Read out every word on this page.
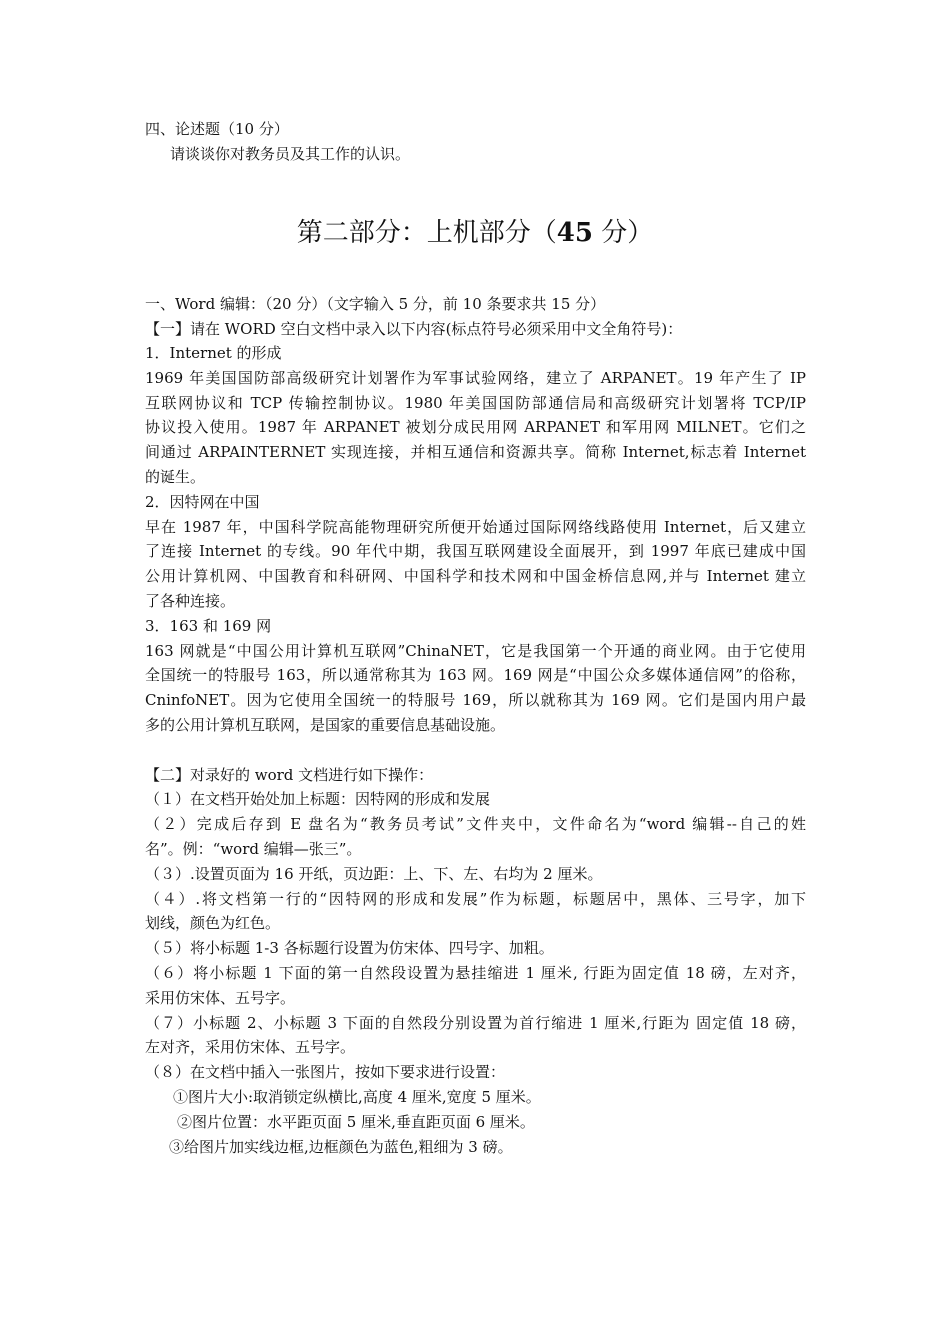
四、论述题（10 分）
请谈谈你对教务员及其工作的认识。
第二部分：上机部分（45 分）
一、Word 编辑：（20 分）（文字输入 5 分，前 10 条要求共 15 分）
【一】请在 WORD 空白文档中录入以下内容(标点符号必须采用中文全角符号)：
1．Internet 的形成
1969 年美国国防部高级研究计划署作为军事试验网络，建立了 ARPANET。19 年产生了 IP
互联网协议和 TCP 传输控制协议。1980 年美国国防部通信局和高级研究计划署将 TCP/IP
协议投入使用。1987 年 ARPANET 被划分成民用网 ARPANET 和军用网 MILNET。它们之
间通过 ARPAINTERNET 实现连接，并相互通信和资源共享。简称 Internet,标志着 Internet
的诞生。
2．因特网在中国
早在 1987 年，中国科学院高能物理研究所便开始通过国际网络线路使用 Internet，后又建立
了连接 Internet 的专线。90 年代中期，我国互联网建设全面展开，到 1997 年底已建成中国
公用计算机网、中国教育和科研网、中国科学和技术网和中国金桥信息网,并与 Internet 建立
了各种连接。
3．163 和 169 网
163 网就是“中国公用计算机互联网”ChinaNET，它是我国第一个开通的商业网。由于它使用
全国统一的特服号 163，所以通常称其为 163 网。169 网是“中国公众多媒体通信网”的俗称，
CninfoNET。因为它使用全国统一的特服号 169，所以就称其为 169 网。它们是国内用户最
多的公用计算机互联网，是国家的重要信息基础设施。
【二】对录好的 word 文档进行如下操作：
（１）在文档开始处加上标题：因特网的形成和发展
（２）完成后存到 E 盘名为“教务员考试”文件夹中，文件命名为“word 编辑--自己的姓
名”。例：“word 编辑—张三”。
（３）.设置页面为 16 开纸，页边距：上、下、左、右均为 2 厘米。
（４）.将文档第一行的“因特网的形成和发展”作为标题，标题居中，黑体、三号字，加下
划线，颜色为红色。
（５）将小标题 1-3 各标题行设置为仿宋体、四号字、加粗。
（６）将小标题 1 下面的第一自然段设置为悬挂缩进 1 厘米, 行距为固定值 18 磅，左对齐，
采用仿宋体、五号字。
（７）小标题 2、小标题 3 下面的自然段分别设置为首行缩进 1 厘米,行距为 固定值 18 磅，
左对齐，采用仿宋体、五号字。
（８）在文档中插入一张图片，按如下要求进行设置：
①图片大小:取消锁定纵横比,高度 4 厘米,宽度 5 厘米。
②图片位置：水平距页面 5 厘米,垂直距页面 6 厘米。
③给图片加实线边框,边框颜色为蓝色,粗细为 3 磅。
